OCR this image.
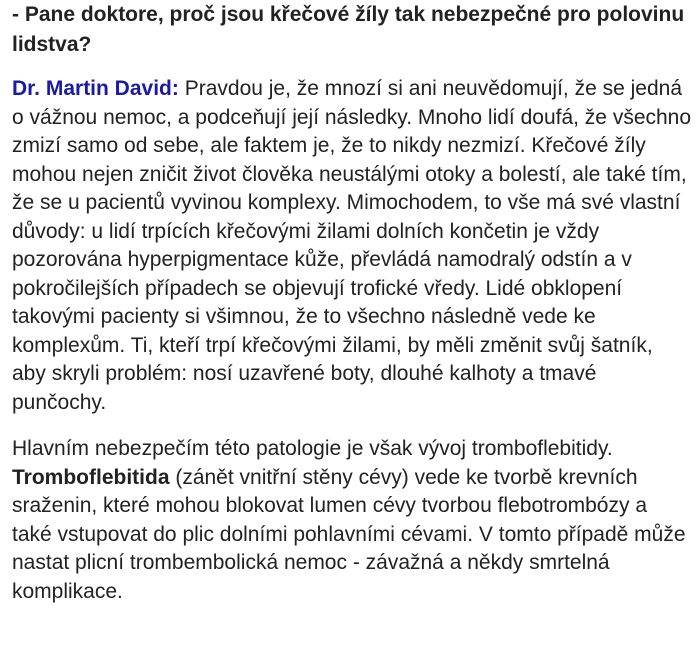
- Pane doktore, proč jsou křečové žíly tak nebezpečné pro polovinu lidstva?

Dr. Martin David: Pravdou je, že mnozí si ani neuvědomují, že se jedná o vážnou nemoc, a podceňují její následky. Mnoho lidí doufá, že všechno zmizí samo od sebe, ale faktem je, že to nikdy nezmizí. Křečové žíly mohou nejen zničit život člověka neustálými otoky a bolestí, ale také tím, že se u pacientů vyvinou komplexy. Mimochodem, to vše má své vlastní důvody: u lidí trpících křečovými žilami dolních končetin je vždy pozorována hyperpigmentace kůže, převládá namodralý odstín a v pokročilejších případech se objevují trofické vředy. Lidé obklopení takovými pacienty si všimnou, že to všechno následně vede ke komplexům. Ti, kteří trpí křečovými žilami, by měli změnit svůj šatník, aby skryli problém: nosí uzavřené boty, dlouhé kalhoty a tmavé punčochy.

Hlavním nebezpečím této patologie je však vývoj tromboflebitidy.
Tromboflebitida (zánět vnitřní stěny cévy) vede ke tvorbě krevních sraženin, které mohou blokovat lumen cévy tvorbou flebotrombózy a také vstupovat do plic dolními pohlavními cévami. V tomto případě může nastat plicní trombembolická nemoc - závažná a někdy smrtelná komplikace.
